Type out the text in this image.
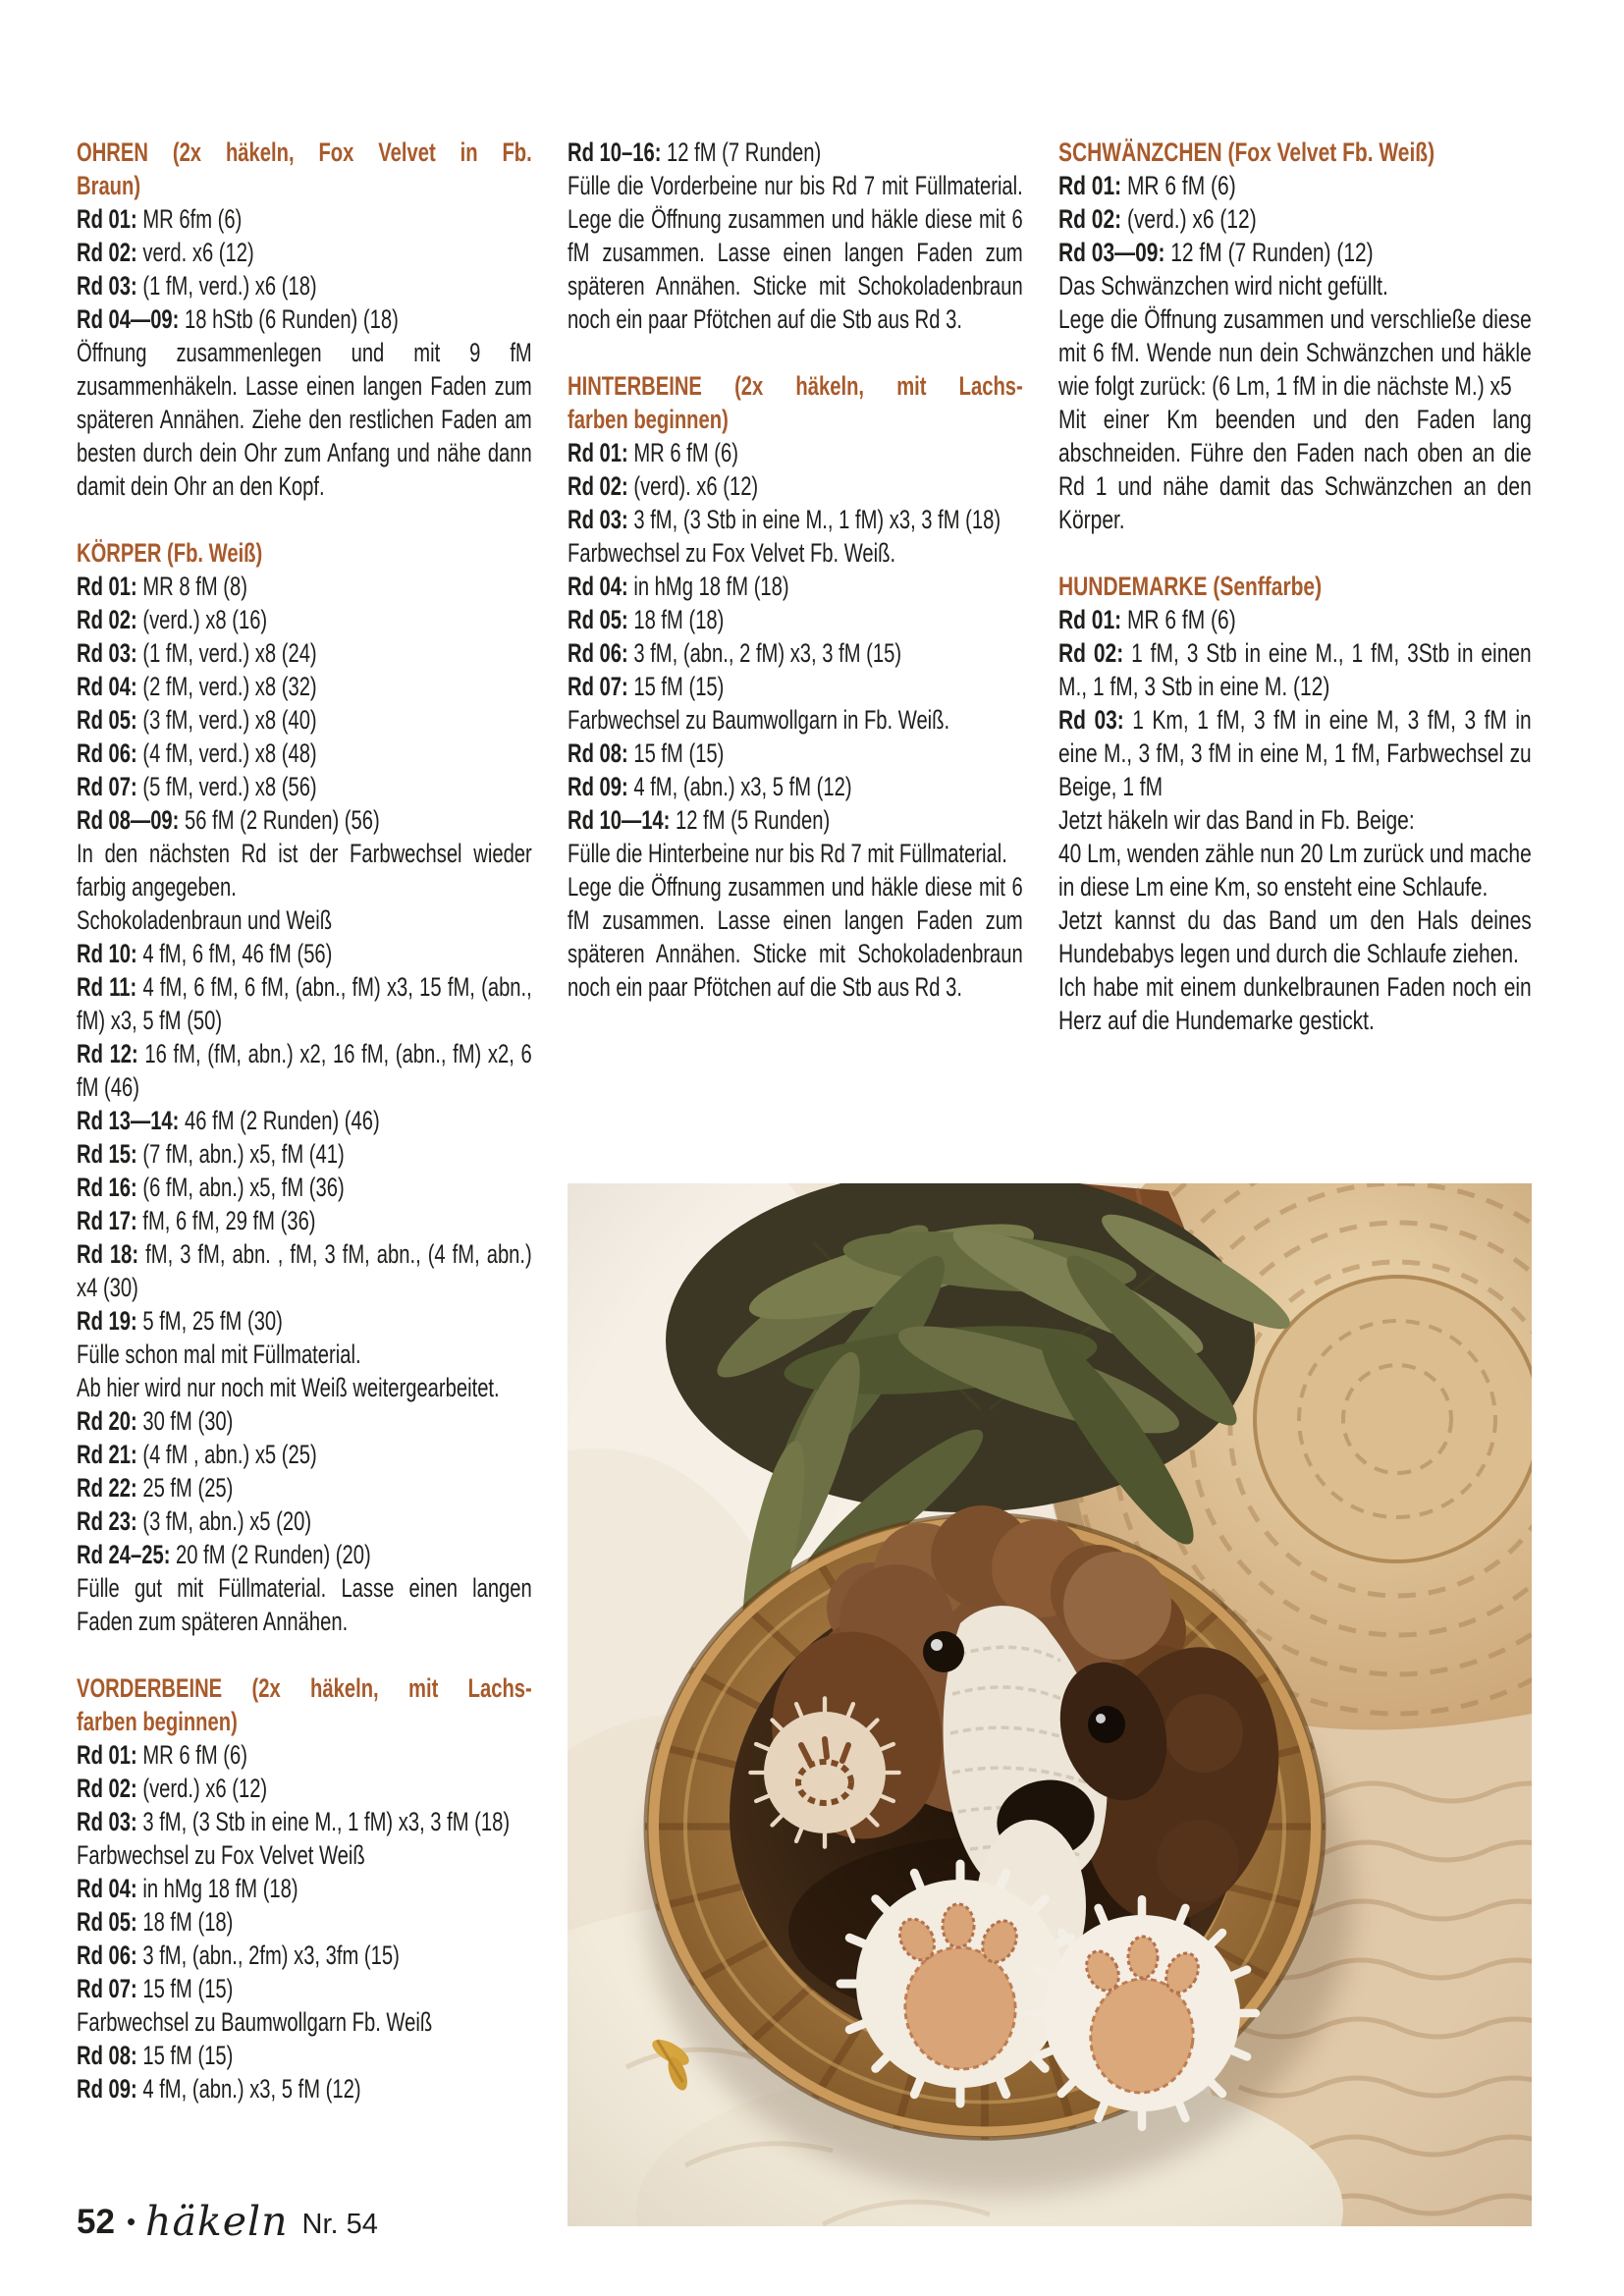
OHREN (2x häkeln, Fox Velvet in Fb.
Braun)

Rd 01: MR 6fm (6)

Rd 02: verd. x6 (12)

Rd 03: (1 fM, verd.) x6 (18)

Rd 04—09: 18 hStb (6 Runden) (18)

Öffnung zusammenlegen und mit 9 fM zusammenhäkeln. Lasse einen langen Faden zum späteren Annähen. Ziehe den restlichen Faden am besten durch dein Ohr zum Anfang und nähe dann damit dein Ohr an den Kopf.

KÖRPER (Fb. Weiß)

Rd 01: MR 8 fM (8)

Rd 02: (verd.) x8 (16)

Rd 03: (1 fM, verd.) x8 (24)

Rd 04: (2 fM, verd.) x8 (32)

Rd 05: (3 fM, verd.) x8 (40)

Rd 06: (4 fM, verd.) x8 (48)

Rd 07: (5 fM, verd.) x8 (56)

Rd 08—09: 56 fM (2 Runden) (56)

In den nächsten Rd ist der Farbwechsel wieder farbig angegeben.

Schokoladenbraun und Weiß

Rd 10: 4 fM, 6 fM, 46 fM (56)

Rd 11: 4 fM, 6 fM, 6 fM, (abn., fM) x3, 15 fM, (abn., fM) x3, 5 fM (50)

Rd 12: 16 fM, (fM, abn.) x2, 16 fM, (abn., fM) x2, 6 fM (46)

Rd 13—14: 46 fM (2 Runden) (46)

Rd 15: (7 fM, abn.) x5, fM (41)

Rd 16: (6 fM, abn.) x5, fM (36)

Rd 17: fM, 6 fM, 29 fM (36)

Rd 18: fM, 3 fM, abn. , fM, 3 fM, abn., (4 fM, abn.) x4 (30)

Rd 19: 5 fM, 25 fM (30)

Fülle schon mal mit Füllmaterial.

Ab hier wird nur noch mit Weiß weitergearbeitet.

Rd 20: 30 fM (30)

Rd 21: (4 fM , abn.) x5 (25)

Rd 22: 25 fM (25)

Rd 23: (3 fM, abn.) x5 (20)

Rd 24–25: 20 fM (2 Runden) (20)

Fülle gut mit Füllmaterial. Lasse einen langen Faden zum späteren Annähen.

VORDERBEINE (2x häkeln, mit Lachs-
farben beginnen)

Rd 01: MR 6 fM (6)

Rd 02: (verd.) x6 (12)

Rd 03: 3 fM, (3 Stb in eine M., 1 fM) x3, 3 fM (18)

Farbwechsel zu Fox Velvet Weiß

Rd 04: in hMg 18 fM (18)

Rd 05: 18 fM (18)

Rd 06: 3 fM, (abn., 2fm) x3, 3fm (15)

Rd 07: 15 fM (15)

Farbwechsel zu Baumwollgarn Fb. Weiß

Rd 08: 15 fM (15)

Rd 09: 4 fM, (abn.) x3, 5 fM (12)

Rd 10–16: 12 fM (7 Runden)

Fülle die Vorderbeine nur bis Rd 7 mit Füllmaterial. Lege die Öffnung zusammen und häkle diese mit 6 fM zusammen. Lasse einen langen Faden zum späteren Annähen. Sticke mit Schokoladenbraun noch ein paar Pfötchen auf die Stb aus Rd 3.

HINTERBEINE (2x häkeln, mit Lachs-
farben beginnen)

Rd 01: MR 6 fM (6)

Rd 02: (verd). x6 (12)

Rd 03: 3 fM, (3 Stb in eine M., 1 fM) x3, 3 fM (18)

Farbwechsel zu Fox Velvet Fb. Weiß.

Rd 04: in hMg 18 fM (18)

Rd 05: 18 fM (18)

Rd 06: 3 fM, (abn., 2 fM) x3, 3 fM (15)

Rd 07: 15 fM (15)

Farbwechsel zu Baumwollgarn in Fb. Weiß.

Rd 08: 15 fM (15)

Rd 09: 4 fM, (abn.) x3, 5 fM (12)

Rd 10—14: 12 fM (5 Runden)

Fülle die Hinterbeine nur bis Rd 7 mit Füllmaterial.

Lege die Öffnung zusammen und häkle diese mit 6 fM zusammen. Lasse einen langen Faden zum späteren Annähen. Sticke mit Schokoladenbraun noch ein paar Pfötchen auf die Stb aus Rd 3.

SCHWÄNZCHEN (Fox Velvet Fb. Weiß)

Rd 01: MR 6 fM (6)

Rd 02: (verd.) x6 (12)

Rd 03—09: 12 fM (7 Runden) (12)

Das Schwänzchen wird nicht gefüllt.

Lege die Öffnung zusammen und verschließe diese mit 6 fM. Wende nun dein Schwänzchen und häkle wie folgt zurück: (6 Lm, 1 fM in die nächste M.) x5

Mit einer Km beenden und den Faden lang abschneiden. Führe den Faden nach oben an die Rd 1 und nähe damit das Schwänzchen an den Körper.

HUNDEMARKE (Senffarbe)

Rd 01: MR 6 fM (6)

Rd 02: 1 fM, 3 Stb in eine M., 1 fM, 3Stb in einen M., 1 fM, 3 Stb in eine M. (12)

Rd 03: 1 Km, 1 fM, 3 fM in eine M, 3 fM, 3 fM in eine M., 3 fM, 3 fM in eine M, 1 fM, Farbwechsel zu Beige, 1 fM

Jetzt häkeln wir das Band in Fb. Beige:

40 Lm, wenden zähle nun 20 Lm zurück und mache in diese Lm eine Km, so ensteht eine Schlaufe.

Jetzt kannst du das Band um den Hals deines Hundebabys legen und durch die Schlaufe ziehen.

Ich habe mit einem dunkelbraunen Faden noch ein Herz auf die Hundemarke gestickt.

52 • häkeln Nr. 54
